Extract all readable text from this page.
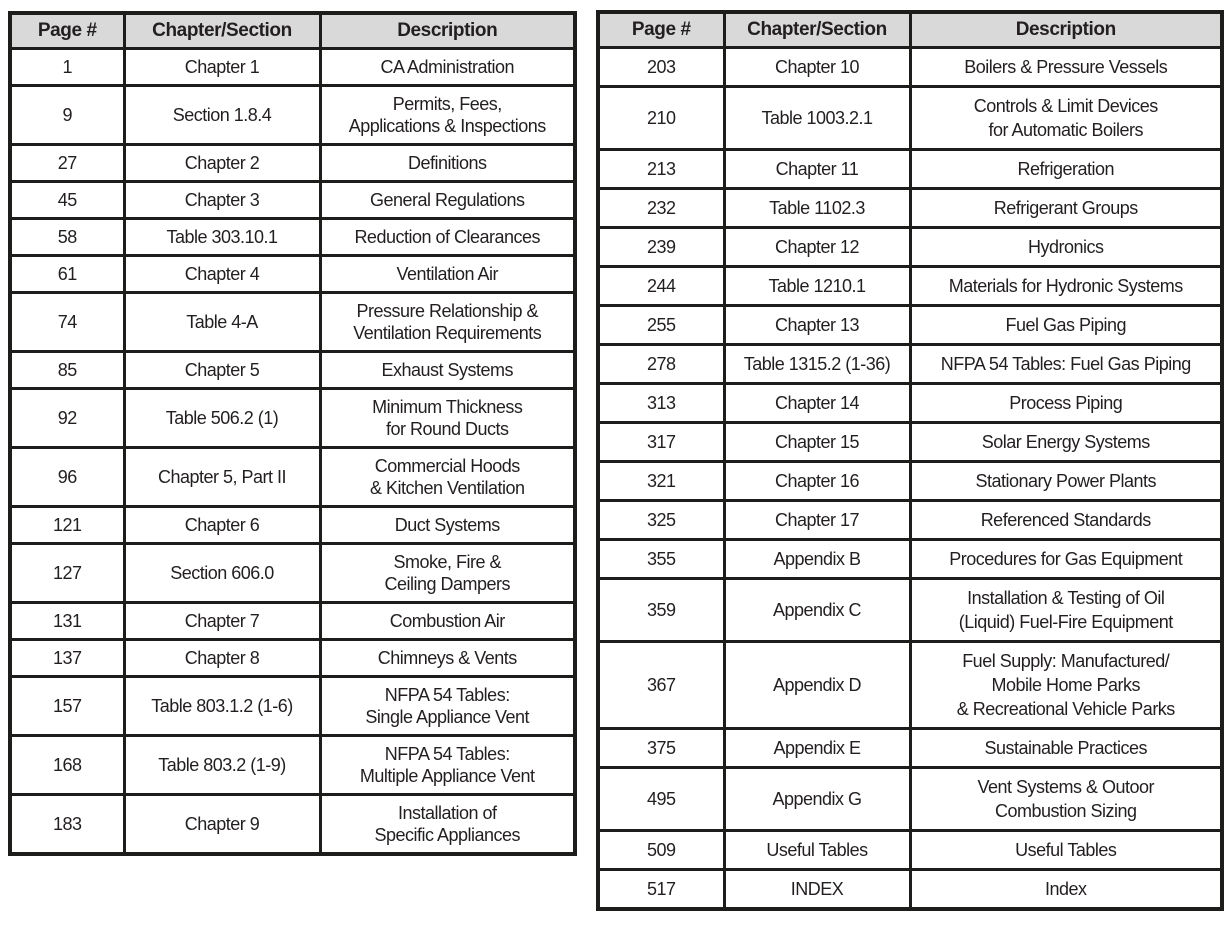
Page #	Chapter/Section	Description
1	Chapter 1	CA Administration
9	Section 1.8.4	Permits, Fees,
Applications & Inspections
27	Chapter 2	Definitions
45	Chapter 3	General Regulations
58	Table 303.10.1	Reduction of Clearances
61	Chapter 4	Ventilation Air
74	Table 4-A	Pressure Relationship &
Ventilation Requirements
85	Chapter 5	Exhaust Systems
92	Table 506.2 (1)	Minimum Thickness
for Round Ducts
96	Chapter 5, Part II	Commercial Hoods
& Kitchen Ventilation
121	Chapter 6	Duct Systems
127	Section 606.0	Smoke, Fire &
Ceiling Dampers
131	Chapter 7	Combustion Air
137	Chapter 8	Chimneys & Vents
157	Table 803.1.2 (1-6)	NFPA 54 Tables:
Single Appliance Vent
168	Table 803.2 (1-9)	NFPA 54 Tables:
Multiple Appliance Vent
183	Chapter 9	Installation of
Specific Appliances
Page #	Chapter/Section	Description
203	Chapter 10	Boilers & Pressure Vessels
210	Table 1003.2.1	Controls & Limit Devices
for Automatic Boilers
213	Chapter 11	Refrigeration
232	Table 1102.3	Refrigerant Groups
239	Chapter 12	Hydronics
244	Table 1210.1	Materials for Hydronic Systems
255	Chapter 13	Fuel Gas Piping
278	Table 1315.2 (1-36)	NFPA 54 Tables: Fuel Gas Piping
313	Chapter 14	Process Piping
317	Chapter 15	Solar Energy Systems
321	Chapter 16	Stationary Power Plants
325	Chapter 17	Referenced Standards
355	Appendix B	Procedures for Gas Equipment
359	Appendix C	Installation & Testing of Oil
(Liquid) Fuel-Fire Equipment
367	Appendix D	Fuel Supply: Manufactured/
Mobile Home Parks
& Recreational Vehicle Parks
375	Appendix E	Sustainable Practices
495	Appendix G	Vent Systems & Outoor
Combustion Sizing
509	Useful Tables	Useful Tables
517	INDEX	Index
